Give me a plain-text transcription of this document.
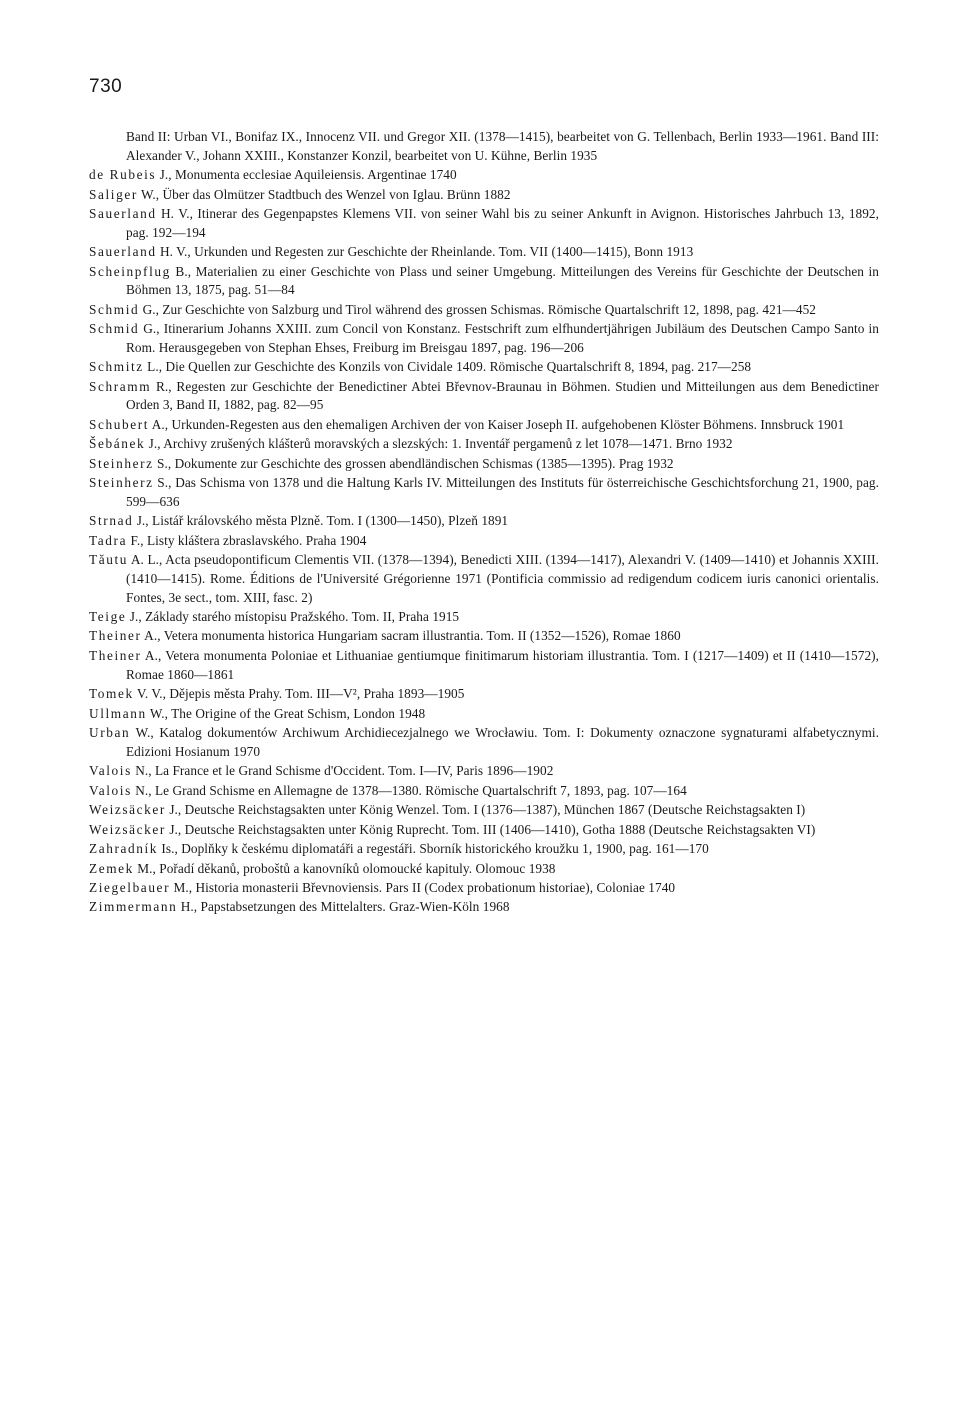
730

Band II: Urban VI., Bonifaz IX., Innocenz VII. und Gregor XII. (1378—1415), bearbeitet von G. Tellenbach, Berlin 1933—1961. Band III: Alexander V., Johann XXIII., Konstanzer Konzil, bearbeitet von U. Kühne, Berlin 1935

de Rubeis J., Monumenta ecclesiae Aquileiensis. Argentinae 1740

Saliger W., Über das Olmützer Stadtbuch des Wenzel von Iglau. Brünn 1882

Sauerland H. V., Itinerar des Gegenpapstes Klemens VII. von seiner Wahl bis zu seiner Ankunft in Avignon. Historisches Jahrbuch 13, 1892, pag. 192—194

Sauerland H. V., Urkunden und Regesten zur Geschichte der Rheinlande. Tom. VII (1400—1415), Bonn 1913

Scheinpflug B., Materialien zu einer Geschichte von Plass und seiner Umgebung. Mitteilungen des Vereins für Geschichte der Deutschen in Böhmen 13, 1875, pag. 51—84

Schmid G., Zur Geschichte von Salzburg und Tirol während des grossen Schismas. Römische Quartalschrift 12, 1898, pag. 421—452

Schmid G., Itinerarium Johanns XXIII. zum Concil von Konstanz. Festschrift zum elfhundertjährigen Jubiläum des Deutschen Campo Santo in Rom. Herausgegeben von Stephan Ehses, Freiburg im Breisgau 1897, pag. 196—206

Schmitz L., Die Quellen zur Geschichte des Konzils von Cividale 1409. Römische Quartalschrift 8, 1894, pag. 217—258

Schramm R., Regesten zur Geschichte der Benedictiner Abtei Břevnov-Braunau in Böhmen. Studien und Mitteilungen aus dem Benedictiner Orden 3, Band II, 1882, pag. 82—95

Schubert A., Urkunden-Regesten aus den ehemaligen Archiven der von Kaiser Joseph II. aufgehobenen Klöster Böhmens. Innsbruck 1901

Šebánek J., Archivy zrušených klášterů moravských a slezských: 1. Inventář pergamenů z let 1078—1471. Brno 1932

Steinherz S., Dokumente zur Geschichte des grossen abendländischen Schismas (1385—1395). Prag 1932

Steinherz S., Das Schisma von 1378 und die Haltung Karls IV. Mitteilungen des Instituts für österreichische Geschichtsforchung 21, 1900, pag. 599—636

Strnad J., Listář královského města Plzně. Tom. I (1300—1450), Plzeň 1891

Tadra F., Listy kláštera zbraslavského. Praha 1904

Tăutu A. L., Acta pseudopontificum Clementis VII. (1378—1394), Benedicti XIII. (1394—1417), Alexandri V. (1409—1410) et Johannis XXIII. (1410—1415). Rome. Éditions de l'Université Grégorienne 1971 (Pontificia commissio ad redigendum codicem iuris canonici orientalis. Fontes, 3e sect., tom. XIII, fasc. 2)

Teige J., Základy starého místopisu Pražského. Tom. II, Praha 1915

Theiner A., Vetera monumenta historica Hungariam sacram illustrantia. Tom. II (1352—1526), Romae 1860

Theiner A., Vetera monumenta Poloniae et Lithuaniae gentiumque finitimarum historiam illustrantia. Tom. I (1217—1409) et II (1410—1572), Romae 1860—1861

Tomek V. V., Dějepis města Prahy. Tom. III—V², Praha 1893—1905

Ullmann W., The Origine of the Great Schism, London 1948

Urban W., Katalog dokumentów Archiwum Archidiecezjalnego we Wrocławiu. Tom. I: Dokumenty oznaczone sygnaturami alfabetycznymi. Edizioni Hosianum 1970

Valois N., La France et le Grand Schisme d'Occident. Tom. I—IV, Paris 1896—1902

Valois N., Le Grand Schisme en Allemagne de 1378—1380. Römische Quartalschrift 7, 1893, pag. 107—164

Weizsäcker J., Deutsche Reichstagsakten unter König Wenzel. Tom. I (1376—1387), München 1867 (Deutsche Reichstagsakten I)

Weizsäcker J., Deutsche Reichstagsakten unter König Ruprecht. Tom. III (1406—1410), Gotha 1888 (Deutsche Reichstagsakten VI)

Zahradník Is., Doplňky k českému diplomatáři a regestáři. Sborník historického kroužku 1, 1900, pag. 161—170

Zemek M., Pořadí děkanů, proboštů a kanovníků olomoucké kapituly. Olomouc 1938

Ziegelbauer M., Historia monasterii Břevnoviensis. Pars II (Codex probationum historiae), Coloniae 1740

Zimmermann H., Papstabsetzungen des Mittelalters. Graz-Wien-Köln 1968
